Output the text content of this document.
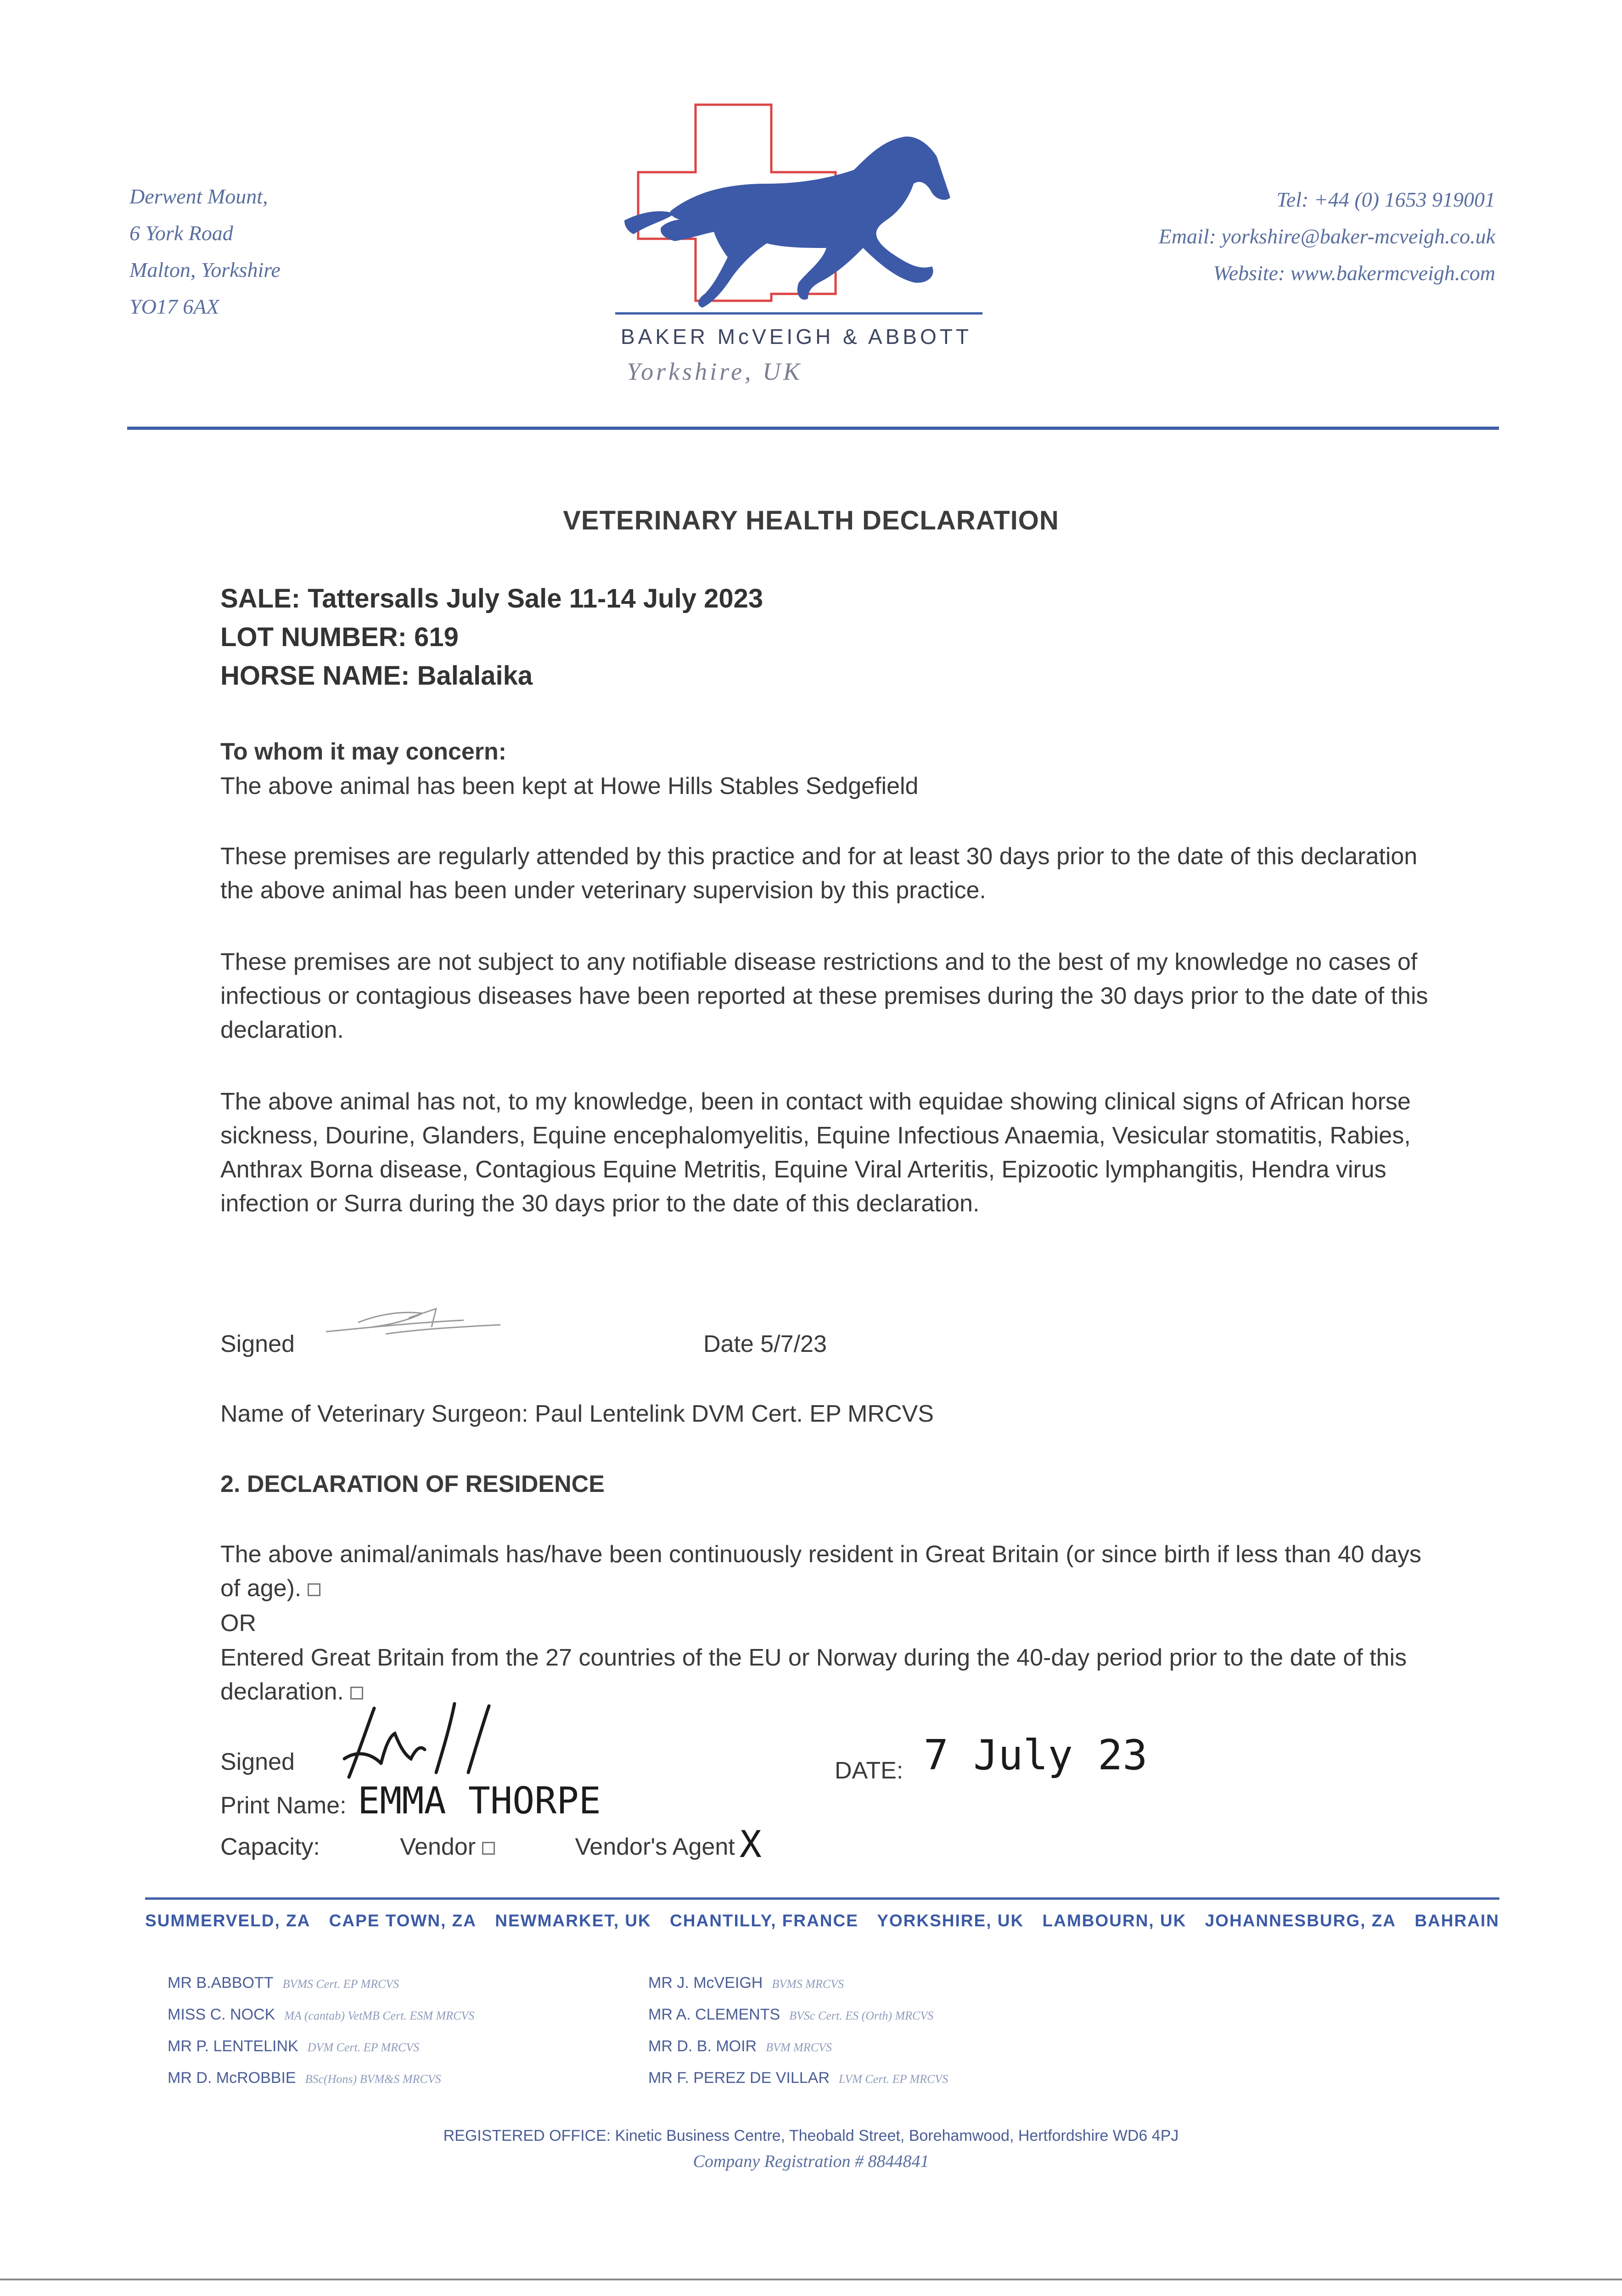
Derwent Mount,
6 York Road
Malton, Yorkshire
YO17 6AX
BAKER McVEIGH & ABBOTT
Yorkshire, UK
Tel: +44 (0) 1653 919001
Email: yorkshire@baker-mcveigh.co.uk
Website: www.bakermcveigh.com
VETERINARY HEALTH DECLARATION
SALE: Tattersalls July Sale 11-14 July 2023
LOT NUMBER: 619
HORSE NAME: Balalaika
To whom it may concern:
The above animal has been kept at Howe Hills Stables Sedgefield
These premises are regularly attended by this practice and for at least 30 days prior to the date of this declaration the above animal has been under veterinary supervision by this practice.
These premises are not subject to any notifiable disease restrictions and to the best of my knowledge no cases of infectious or contagious diseases have been reported at these premises during the 30 days prior to the date of this declaration.
The above animal has not, to my knowledge, been in contact with equidae showing clinical signs of African horse sickness, Dourine, Glanders, Equine encephalomyelitis, Equine Infectious Anaemia, Vesicular stomatitis, Rabies, Anthrax Borna disease, Contagious Equine Metritis, Equine Viral Arteritis, Epizootic lymphangitis, Hendra virus infection or Surra during the 30 days prior to the date of this declaration.
Signed	Date 5/7/23
Name of Veterinary Surgeon: Paul Lentelink DVM Cert. EP MRCVS
2. DECLARATION OF RESIDENCE
The above animal/animals has/have been continuously resident in Great Britain (or since birth if less than 40 days of age).
OR
Entered Great Britain from the 27 countries of the EU or Norway during the 40-day period prior to the date of this declaration.
Signed
Print Name: EMMA THORPE
DATE: 7 July 23
Capacity:	Vendor	Vendor's Agent X
SUMMERVELD, ZA CAPE TOWN, ZA NEWMARKET, UK CHANTILLY, FRANCE YORKSHIRE, UK LAMBOURN, UK JOHANNESBURG, ZA BAHRAIN
MR B.ABBOTT BVMS Cert. EP MRCVS
MISS C. NOCK MA (cantab) VetMB Cert. ESM MRCVS
MR P. LENTELINK DVM Cert. EP MRCVS
MR D. McROBBIE BSc(Hons) BVM&S MRCVS
MR J. McVEIGH BVMS MRCVS
MR A. CLEMENTS BVSc Cert. ES (Orth) MRCVS
MR D. B. MOIR BVM MRCVS
MR F. PEREZ DE VILLAR LVM Cert. EP MRCVS
REGISTERED OFFICE: Kinetic Business Centre, Theobald Street, Borehamwood, Hertfordshire WD6 4PJ
Company Registration # 8844841
